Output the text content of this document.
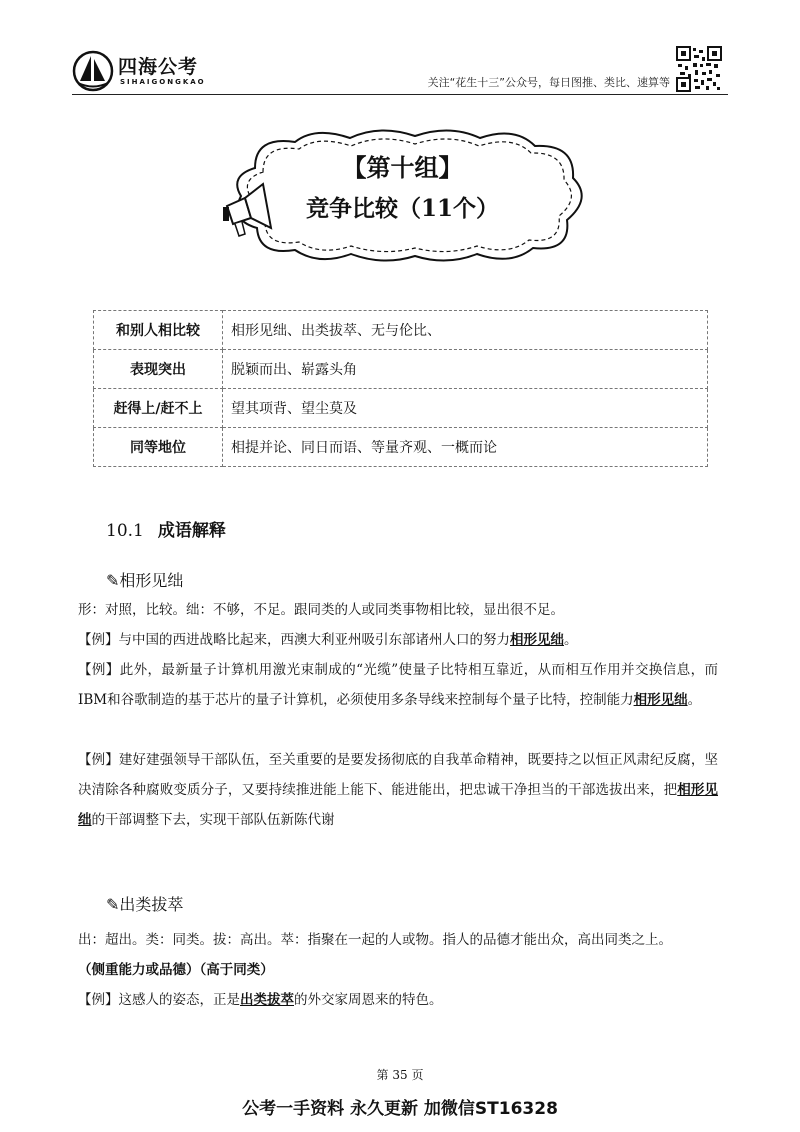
四海公考
SIHAIGONGKAO	关注“花生十三”公众号，每日图推、类比、速算等
【第十组】
竞争比较（11个）
和别人相比较	相形见绌、出类拔萃、无与伦比、
表现突出	脱颖而出、崭露头角
赶得上/赶不上	望其项背、望尘莫及
同等地位	相提并论、同日而语、等量齐观、一概而论
10.1 成语解释
✎相形见绌
形：对照，比较。绌：不够，不足。跟同类的人或同类事物相比较，显出很不足。
【例】与中国的西进战略比起来，西澳大利亚州吸引东部诸州人口的努力相形见绌。
【例】此外，最新量子计算机用激光束制成的“光缆”使量子比特相互靠近，从而相互作用并交换信息，而IBM和谷歌制造的基于芯片的量子计算机，必须使用多条导线来控制每个量子比特，控制能力相形见绌。
【例】建好建强领导干部队伍，至关重要的是要发扬彻底的自我革命精神，既要持之以恒正风肃纪反腐，坚决清除各种腐败变质分子，又要持续推进能上能下、能进能出，把忠诚干净担当的干部选拔出来，把相形见绌的干部调整下去，实现干部队伍新陈代谢
✎出类拔萃
出：超出。类：同类。拔：高出。萃：指聚在一起的人或物。指人的品德才能出众，高出同类之上。
（侧重能力或品德）（高于同类）
【例】这感人的姿态，正是出类拔萃的外交家周恩来的特色。
第 35 页
公考一手资料 永久更新 加微信ST16328
